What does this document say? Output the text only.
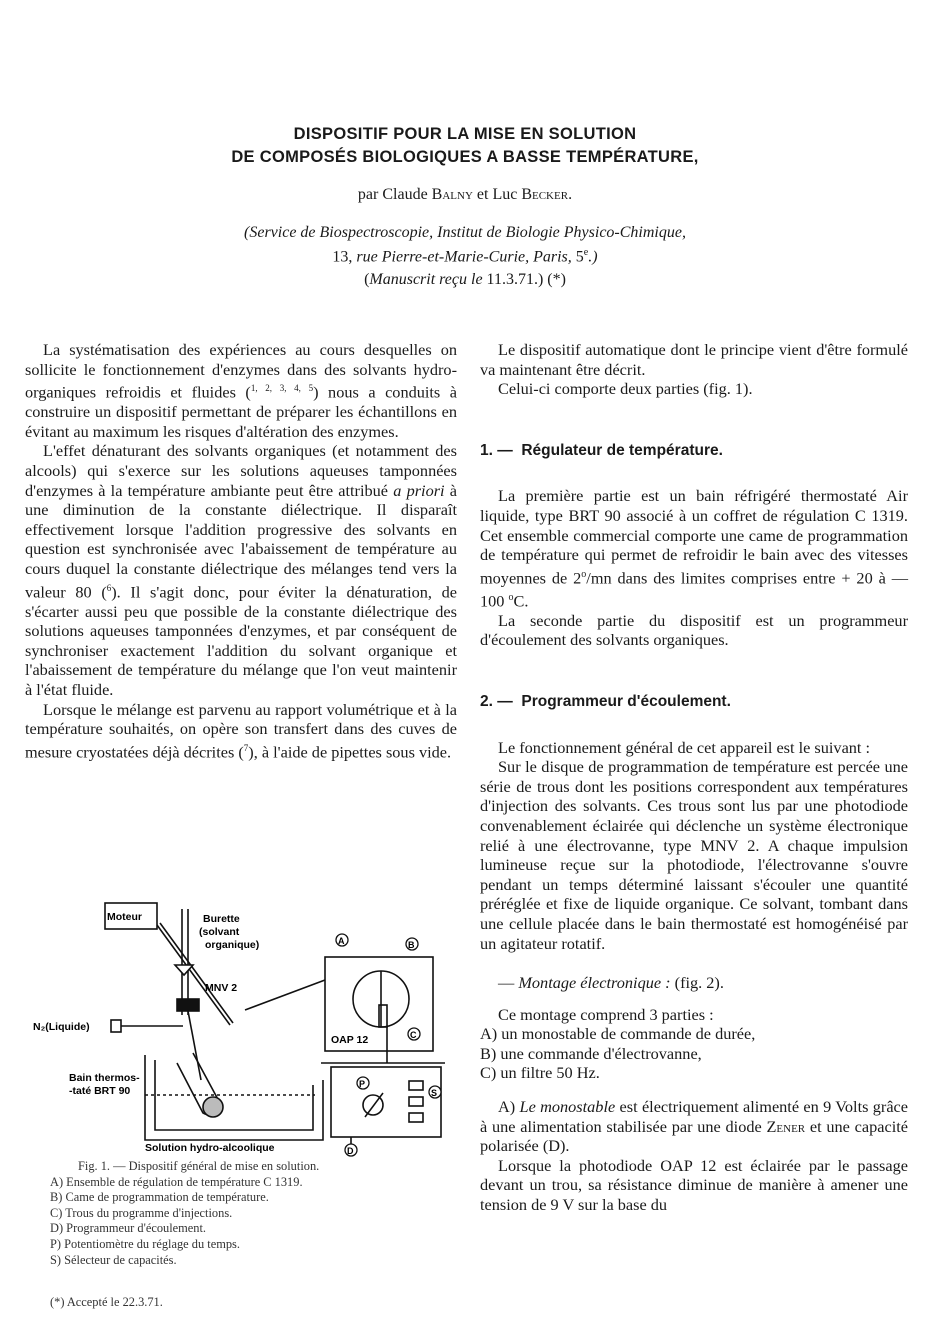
DISPOSITIF POUR LA MISE EN SOLUTION
DE COMPOSÉS BIOLOGIQUES A BASSE TEMPÉRATURE,
par Claude Balny et Luc Becker.
(Service de Biospectroscopie, Institut de Biologie Physico-Chimique,
13, rue Pierre-et-Marie-Curie, Paris, 5e.)
(Manuscrit reçu le 11.3.71.) (*)

La systématisation des expériences au cours desquelles on sollicite le fonctionnement d'enzymes dans des solvants hydro-organiques refroidis et fluides ($^{1, 2, 3, 4, 5}$) nous a conduits à construire un dispositif permettant de préparer les échantillons en évitant au maximum les risques d'altération des enzymes.

L'effet dénaturant des solvants organiques (et notamment des alcools) qui s'exerce sur les solutions aqueuses tamponnées d'enzymes à la température ambiante peut être attribué a priori à une diminution de la constante diélectrique. Il disparaît effectivement lorsque l'addition progressive des solvants en question est synchronisée avec l'abaissement de température au cours duquel la constante diélectrique des mélanges tend vers la valeur 80 ($^6$). Il s'agit donc, pour éviter la dénaturation, de s'écarter aussi peu que possible de la constante diélectrique des solutions aqueuses tamponnées d'enzymes, et par conséquent de synchroniser exactement l'addition du solvant organique et l'abaissement de température du mélange que l'on veut maintenir à l'état fluide.

Lorsque le mélange est parvenu au rapport volumétrique et à la température souhaités, on opère son transfert dans des cuves de mesure cryostatées déjà décrites ($^7$), à l'aide de pipettes sous vide.

A	B
C
P
S
D
Moteur	Burette
(solvant
organique)
MNV 2
N₂(Liquide)
Bain thermos-
-taté BRT 90
Solution hydro-alcoolique
OAP 12

Fig. 1. — Dispositif général de mise en solution.

A) Ensemble de régulation de température C 1319.

B) Came de programmation de température.

C) Trous du programme d'injections.

D) Programmeur d'écoulement.

P) Potentiomètre du réglage du temps.

S) Sélecteur de capacités.

(*) Accepté le 22.3.71.

Le dispositif automatique dont le principe vient d'être formulé va maintenant être décrit.

Celui-ci comporte deux parties (fig. 1).

1. — Régulateur de température.

La première partie est un bain réfrigéré thermostaté Air liquide, type BRT 90 associé à un coffret de régulation C 1319. Cet ensemble commercial comporte une came de programmation de température qui permet de refroidir le bain avec des vitesses moyennes de 2$^o$/mn dans des limites comprises entre + 20 à — 100 $^o$C.

La seconde partie du dispositif est un programmeur d'écoulement des solvants organiques.

2. — Programmeur d'écoulement.

Le fonctionnement général de cet appareil est le suivant :

Sur le disque de programmation de température est percée une série de trous dont les positions correspondent aux températures d'injection des solvants. Ces trous sont lus par une photodiode convenablement éclairée qui déclenche un système électronique relié à une électrovanne, type MNV 2. A chaque impulsion lumineuse reçue sur la photodiode, l'électrovanne s'ouvre pendant un temps déterminé laissant s'écouler une quantité préréglée et fixe de liquide organique. Ce solvant, tombant dans une cellule placée dans le bain thermostaté est homogénéisé par un agitateur rotatif.

— Montage électronique : (fig. 2).

Ce montage comprend 3 parties :

A) un monostable de commande de durée,

B) une commande d'électrovanne,

C) un filtre 50 Hz.

A) Le monostable est électriquement alimenté en 9 Volts grâce à une alimentation stabilisée par une diode Zener et une capacité polarisée (D).

Lorsque la photodiode OAP 12 est éclairée par le passage devant un trou, sa résistance diminue de manière à amener une tension de 9 V sur la base du
